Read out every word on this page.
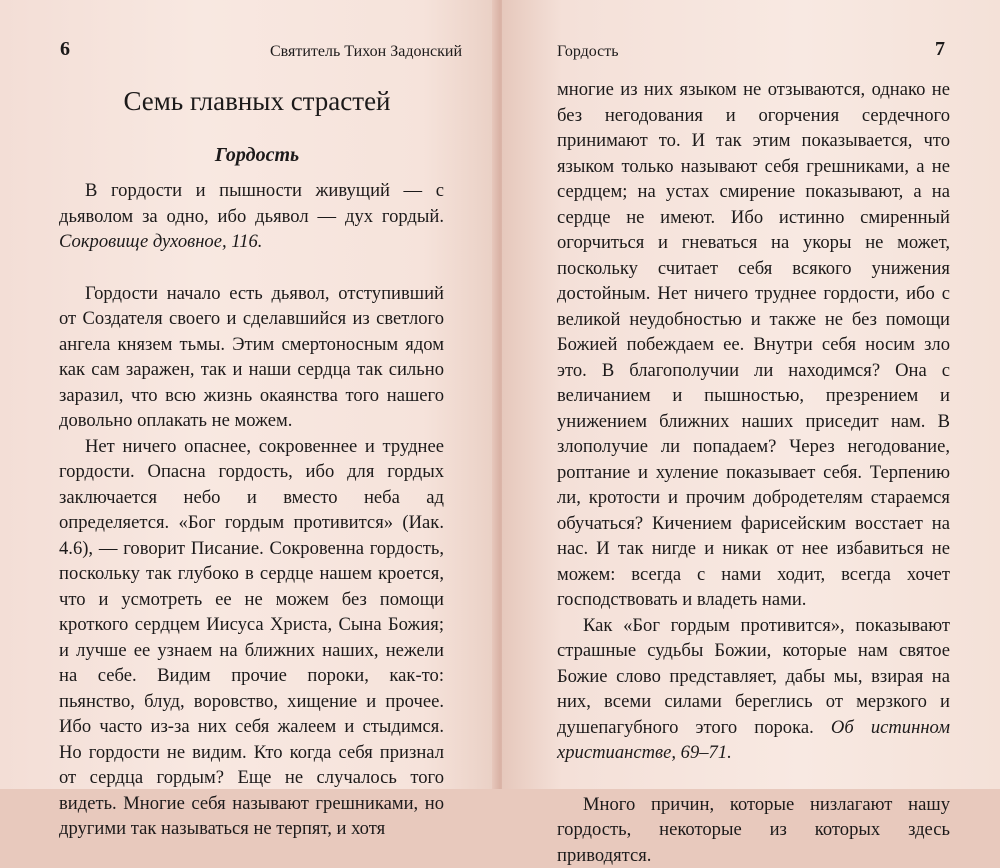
6	Святитель Тихон Задонский
Семь главных страстей
Гордость

В гордости и пышности живущий — с дьяволом за одно, ибо дьявол — дух гордый. Сокровище духовное, 116.

Гордости начало есть дьявол, отступивший от Создателя своего и сделавшийся из светлого ангела князем тьмы. Этим смертоносным ядом как сам заражен, так и наши сердца так сильно заразил, что всю жизнь окаянства того нашего довольно оплакать не можем.

Нет ничего опаснее, сокровеннее и труднее гордости. Опасна гордость, ибо для гордых заключается небо и вместо неба ад определяется. «Бог гордым противится» (Иак. 4.6), — говорит Писание. Сокровенна гордость, поскольку так глубоко в сердце нашем кроется, что и усмотреть ее не можем без помощи кроткого сердцем Иисуса Христа, Сына Божия; и лучше ее узнаем на ближних наших, нежели на себе. Видим прочие пороки, как-то: пьянство, блуд, воровство, хищение и прочее. Ибо часто из-за них себя жалеем и стыдимся. Но гордости не видим. Кто когда себя признал от сердца гордым? Еще не случалось того видеть. Многие себя называют грешниками, но другими так называться не терпят, и хотя

Гордость	7

многие из них языком не отзываются, однако не без негодования и огорчения сердечного принимают то. И так этим показывается, что языком только называют себя грешниками, а не сердцем; на устах смирение показывают, а на сердце не имеют. Ибо истинно смиренный огорчиться и гневаться на укоры не может, поскольку считает себя всякого унижения достойным. Нет ничего труднее гордости, ибо с великой неудобностью и также не без помощи Божией побеждаем ее. Внутри себя носим зло это. В благополучии ли находимся? Она с величанием и пышностью, презрением и унижением ближних наших приседит нам. В злополучие ли попадаем? Через негодование, роптание и хуление показывает себя. Терпению ли, кротости и прочим добродетелям стараемся обучаться? Кичением фарисейским восстает на нас. И так нигде и никак от нее избавиться не можем: всегда с нами ходит, всегда хочет господствовать и владеть нами.

Как «Бог гордым противится», показывают страшные судьбы Божии, которые нам святое Божие слово представляет, дабы мы, взирая на них, всеми силами береглись от мерзкого и душепагубного этого порока. Об истинном христианстве, 69–71.

Много причин, которые низлагают нашу гордость, некоторые из которых здесь приводятся.
